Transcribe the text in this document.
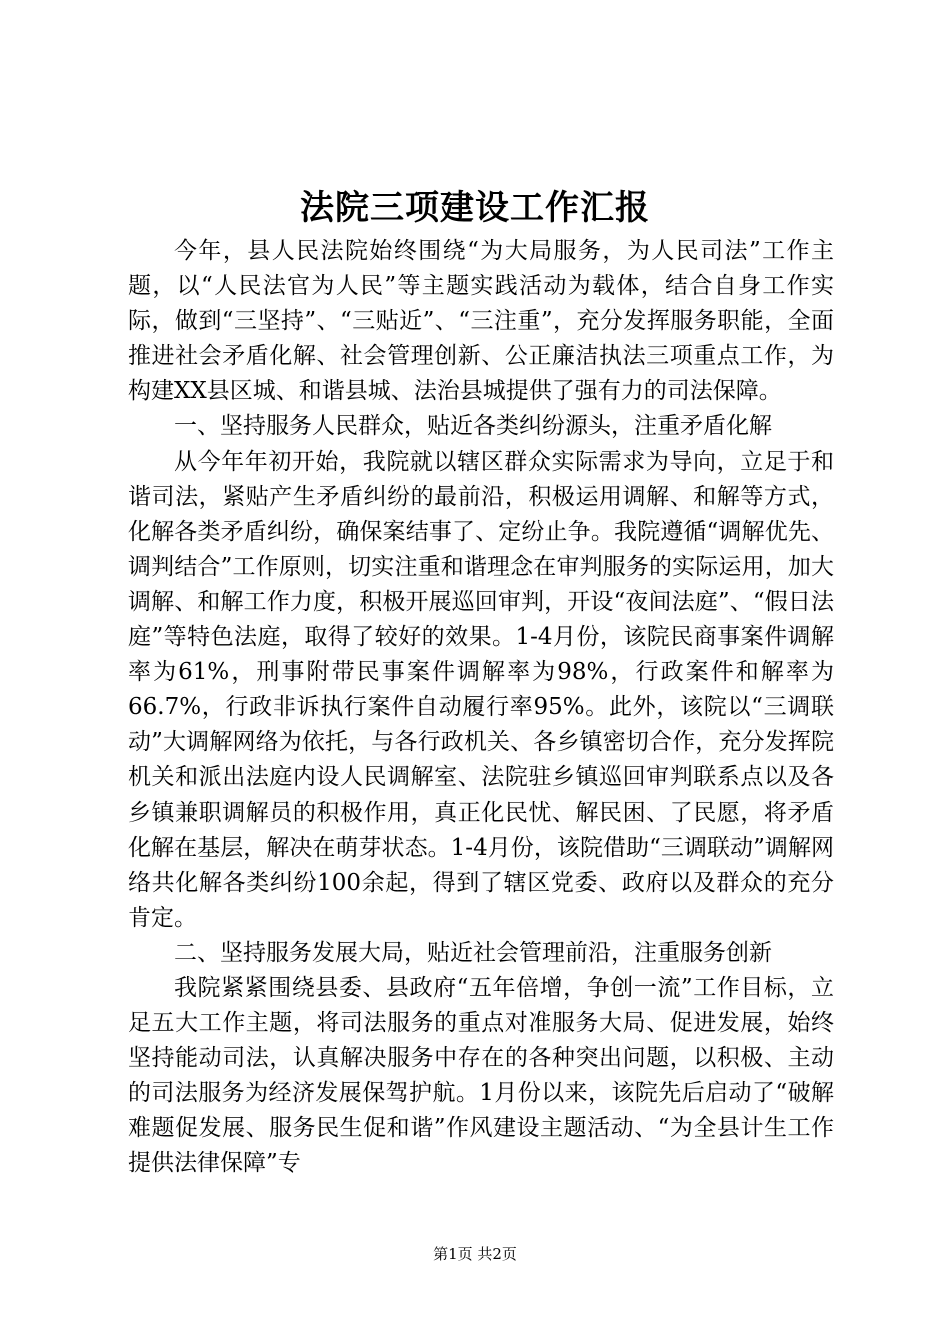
法院三项建设工作汇报

今年，县人民法院始终围绕“为大局服务，为人民司法”工作主题，以“人民法官为人民”等主题实践活动为载体，结合自身工作实际，做到“三坚持”、“三贴近”、“三注重”，充分发挥服务职能，全面推进社会矛盾化解、社会管理创新、公正廉洁执法三项重点工作，为构建XX县区城、和谐县城、法治县城提供了强有力的司法保障。

一、坚持服务人民群众，贴近各类纠纷源头，注重矛盾化解

从今年年初开始，我院就以辖区群众实际需求为导向，立足于和谐司法，紧贴产生矛盾纠纷的最前沿，积极运用调解、和解等方式，化解各类矛盾纠纷，确保案结事了、定纷止争。我院遵循“调解优先、调判结合”工作原则，切实注重和谐理念在审判服务的实际运用，加大调解、和解工作力度，积极开展巡回审判，开设“夜间法庭”、“假日法庭”等特色法庭，取得了较好的效果。1-4月份，该院民商事案件调解率为61%，刑事附带民事案件调解率为98%，行政案件和解率为66.7%，行政非诉执行案件自动履行率95%。此外，该院以“三调联动”大调解网络为依托，与各行政机关、各乡镇密切合作，充分发挥院机关和派出法庭内设人民调解室、法院驻乡镇巡回审判联系点以及各乡镇兼职调解员的积极作用，真正化民忧、解民困、了民愿，将矛盾化解在基层，解决在萌芽状态。1-4月份，该院借助“三调联动”调解网络共化解各类纠纷100余起，得到了辖区党委、政府以及群众的充分肯定。

二、坚持服务发展大局，贴近社会管理前沿，注重服务创新

我院紧紧围绕县委、县政府“五年倍增，争创一流”工作目标，立足五大工作主题，将司法服务的重点对准服务大局、促进发展，始终坚持能动司法，认真解决服务中存在的各种突出问题，以积极、主动的司法服务为经济发展保驾护航。1月份以来，该院先后启动了“破解难题促发展、服务民生促和谐”作风建设主题活动、“为全县计生工作提供法律保障”专

第1页 共2页
